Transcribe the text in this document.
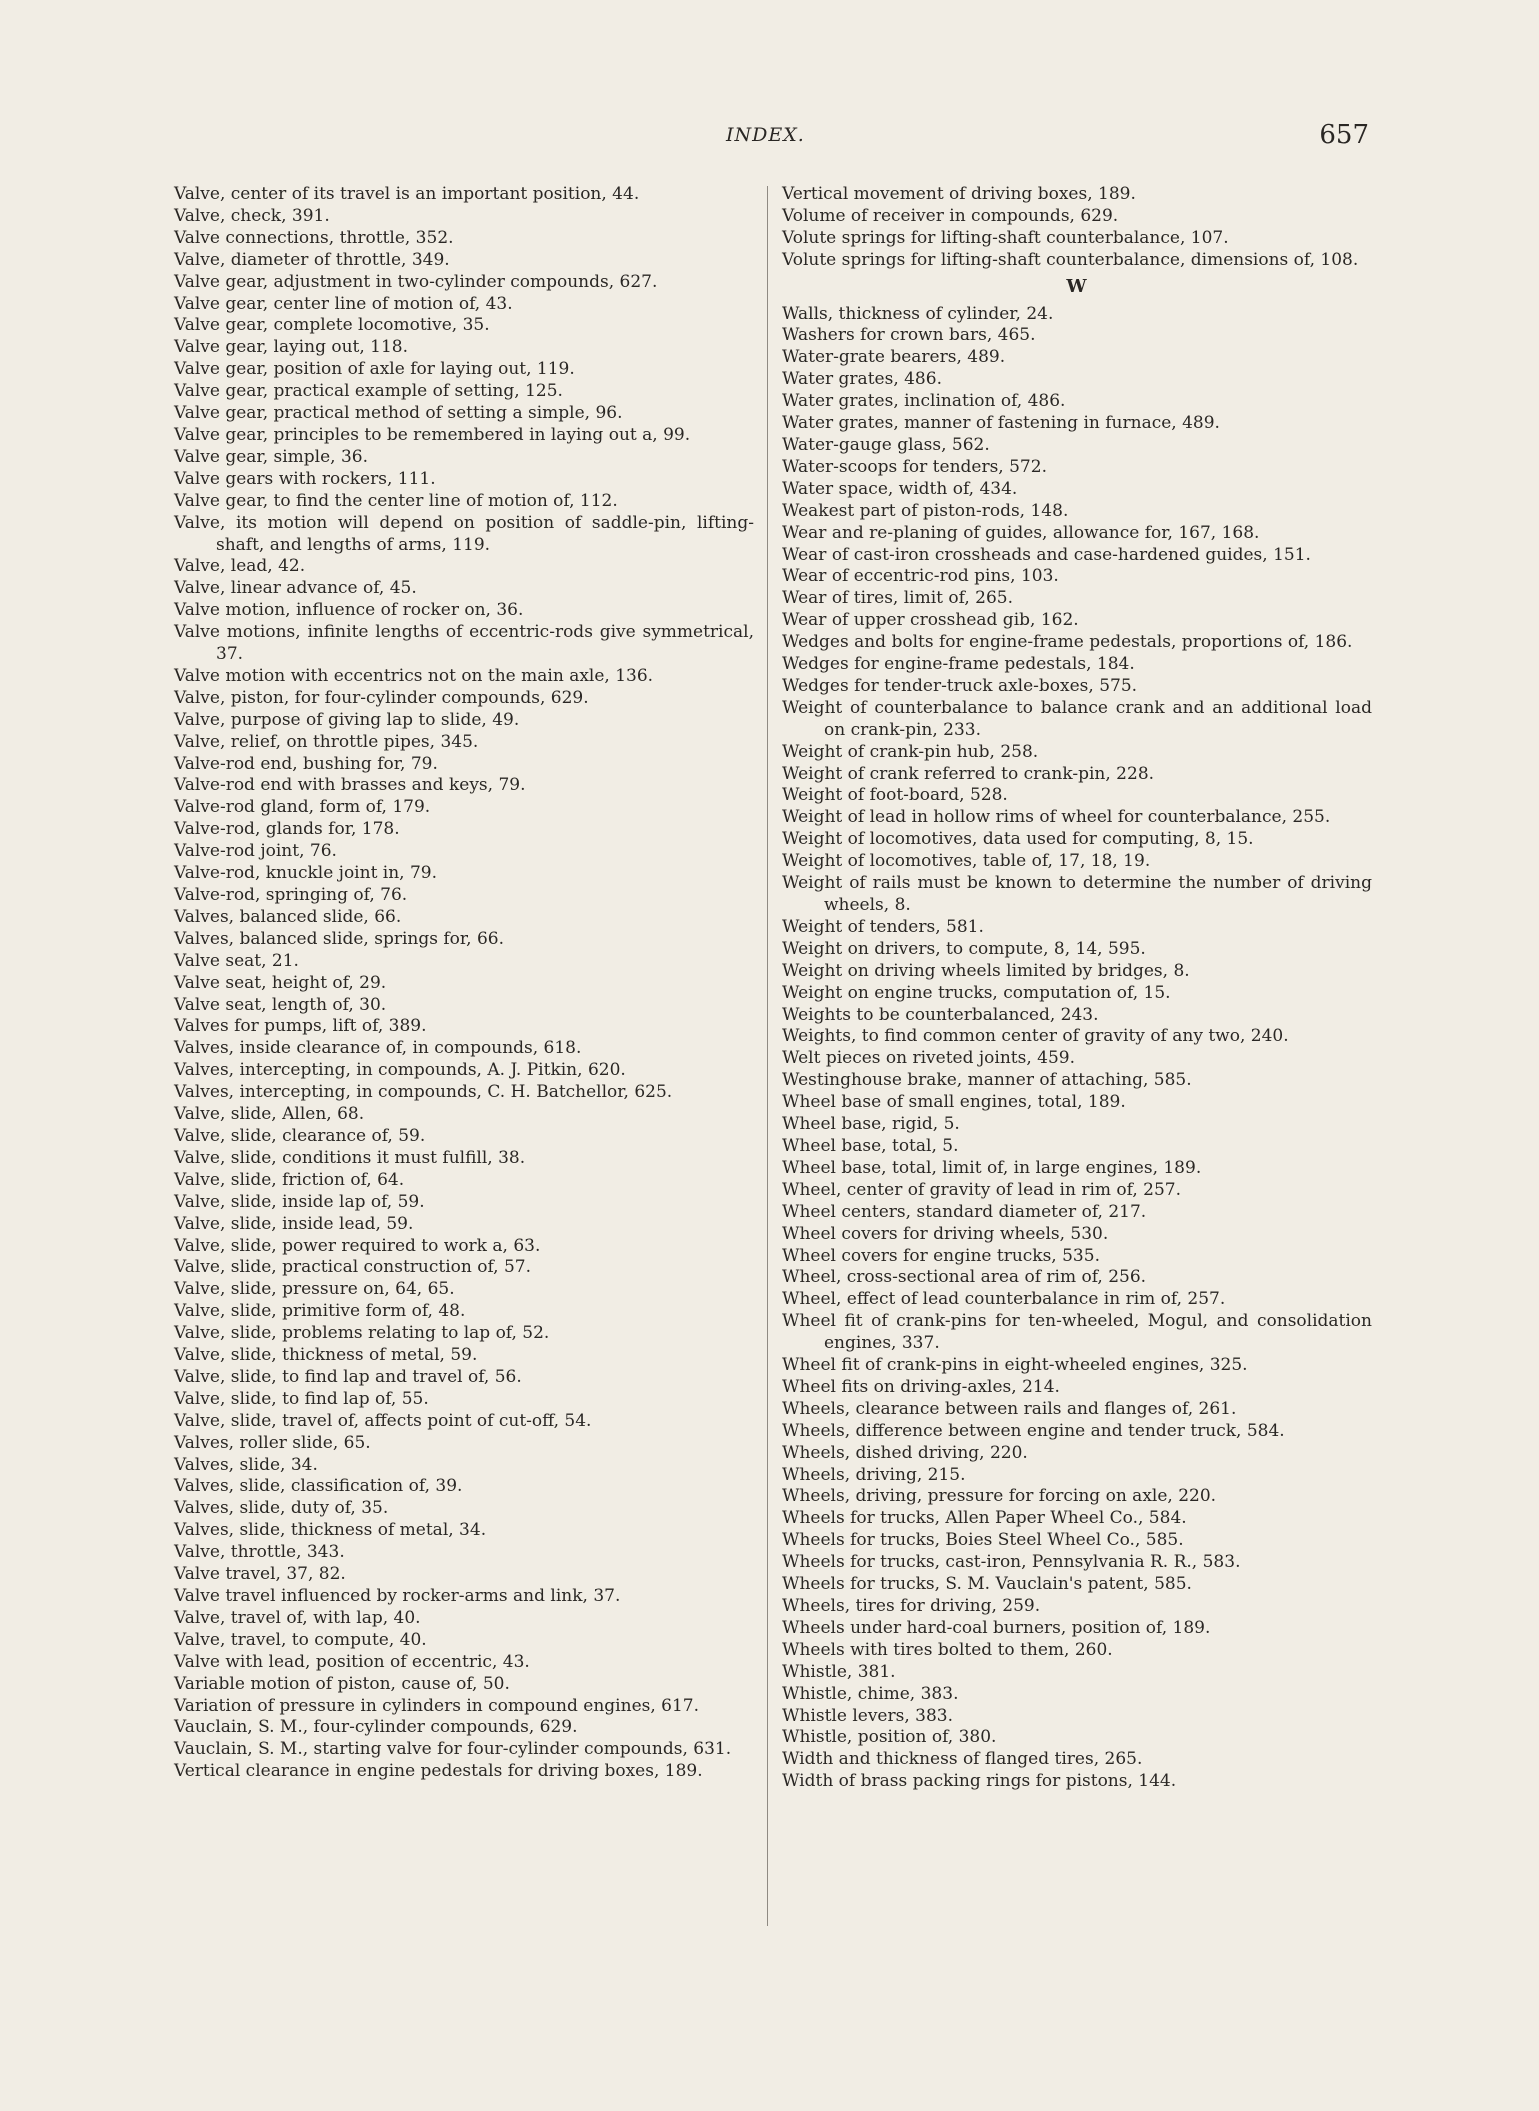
INDEX.	657

Valve, center of its travel is an important position, 44.

Valve, check, 391.

Valve connections, throttle, 352.

Valve, diameter of throttle, 349.

Valve gear, adjustment in two-cylinder compounds, 627.

Valve gear, center line of motion of, 43.

Valve gear, complete locomotive, 35.

Valve gear, laying out, 118.

Valve gear, position of axle for laying out, 119.

Valve gear, practical example of setting, 125.

Valve gear, practical method of setting a simple, 96.

Valve gear, principles to be remembered in laying out a, 99.

Valve gear, simple, 36.

Valve gears with rockers, 111.

Valve gear, to find the center line of motion of, 112.

Valve, its motion will depend on position of saddle-pin, lifting-shaft, and lengths of arms, 119.

Valve, lead, 42.

Valve, linear advance of, 45.

Valve motion, influence of rocker on, 36.

Valve motions, infinite lengths of eccentric-rods give symmetrical, 37.

Valve motion with eccentrics not on the main axle, 136.

Valve, piston, for four-cylinder compounds, 629.

Valve, purpose of giving lap to slide, 49.

Valve, relief, on throttle pipes, 345.

Valve-rod end, bushing for, 79.

Valve-rod end with brasses and keys, 79.

Valve-rod gland, form of, 179.

Valve-rod, glands for, 178.

Valve-rod joint, 76.

Valve-rod, knuckle joint in, 79.

Valve-rod, springing of, 76.

Valves, balanced slide, 66.

Valves, balanced slide, springs for, 66.

Valve seat, 21.

Valve seat, height of, 29.

Valve seat, length of, 30.

Valves for pumps, lift of, 389.

Valves, inside clearance of, in compounds, 618.

Valves, intercepting, in compounds, A. J. Pitkin, 620.

Valves, intercepting, in compounds, C. H. Batchellor, 625.

Valve, slide, Allen, 68.

Valve, slide, clearance of, 59.

Valve, slide, conditions it must fulfill, 38.

Valve, slide, friction of, 64.

Valve, slide, inside lap of, 59.

Valve, slide, inside lead, 59.

Valve, slide, power required to work a, 63.

Valve, slide, practical construction of, 57.

Valve, slide, pressure on, 64, 65.

Valve, slide, primitive form of, 48.

Valve, slide, problems relating to lap of, 52.

Valve, slide, thickness of metal, 59.

Valve, slide, to find lap and travel of, 56.

Valve, slide, to find lap of, 55.

Valve, slide, travel of, affects point of cut-off, 54.

Valves, roller slide, 65.

Valves, slide, 34.

Valves, slide, classification of, 39.

Valves, slide, duty of, 35.

Valves, slide, thickness of metal, 34.

Valve, throttle, 343.

Valve travel, 37, 82.

Valve travel influenced by rocker-arms and link, 37.

Valve, travel of, with lap, 40.

Valve, travel, to compute, 40.

Valve with lead, position of eccentric, 43.

Variable motion of piston, cause of, 50.

Variation of pressure in cylinders in compound engines, 617.

Vauclain, S. M., four-cylinder compounds, 629.

Vauclain, S. M., starting valve for four-cylinder compounds, 631.

Vertical clearance in engine pedestals for driving boxes, 189.

Vertical movement of driving boxes, 189.

Volume of receiver in compounds, 629.

Volute springs for lifting-shaft counterbalance, 107.

Volute springs for lifting-shaft counterbalance, dimensions of, 108.

W

Walls, thickness of cylinder, 24.

Washers for crown bars, 465.

Water-grate bearers, 489.

Water grates, 486.

Water grates, inclination of, 486.

Water grates, manner of fastening in furnace, 489.

Water-gauge glass, 562.

Water-scoops for tenders, 572.

Water space, width of, 434.

Weakest part of piston-rods, 148.

Wear and re-planing of guides, allowance for, 167, 168.

Wear of cast-iron crossheads and case-hardened guides, 151.

Wear of eccentric-rod pins, 103.

Wear of tires, limit of, 265.

Wear of upper crosshead gib, 162.

Wedges and bolts for engine-frame pedestals, proportions of, 186.

Wedges for engine-frame pedestals, 184.

Wedges for tender-truck axle-boxes, 575.

Weight of counterbalance to balance crank and an additional load on crank-pin, 233.

Weight of crank-pin hub, 258.

Weight of crank referred to crank-pin, 228.

Weight of foot-board, 528.

Weight of lead in hollow rims of wheel for counterbalance, 255.

Weight of locomotives, data used for computing, 8, 15.

Weight of locomotives, table of, 17, 18, 19.

Weight of rails must be known to determine the number of driving wheels, 8.

Weight of tenders, 581.

Weight on drivers, to compute, 8, 14, 595.

Weight on driving wheels limited by bridges, 8.

Weight on engine trucks, computation of, 15.

Weights to be counterbalanced, 243.

Weights, to find common center of gravity of any two, 240.

Welt pieces on riveted joints, 459.

Westinghouse brake, manner of attaching, 585.

Wheel base of small engines, total, 189.

Wheel base, rigid, 5.

Wheel base, total, 5.

Wheel base, total, limit of, in large engines, 189.

Wheel, center of gravity of lead in rim of, 257.

Wheel centers, standard diameter of, 217.

Wheel covers for driving wheels, 530.

Wheel covers for engine trucks, 535.

Wheel, cross-sectional area of rim of, 256.

Wheel, effect of lead counterbalance in rim of, 257.

Wheel fit of crank-pins for ten-wheeled, Mogul, and consolidation engines, 337.

Wheel fit of crank-pins in eight-wheeled engines, 325.

Wheel fits on driving-axles, 214.

Wheels, clearance between rails and flanges of, 261.

Wheels, difference between engine and tender truck, 584.

Wheels, dished driving, 220.

Wheels, driving, 215.

Wheels, driving, pressure for forcing on axle, 220.

Wheels for trucks, Allen Paper Wheel Co., 584.

Wheels for trucks, Boies Steel Wheel Co., 585.

Wheels for trucks, cast-iron, Pennsylvania R. R., 583.

Wheels for trucks, S. M. Vauclain's patent, 585.

Wheels, tires for driving, 259.

Wheels under hard-coal burners, position of, 189.

Wheels with tires bolted to them, 260.

Whistle, 381.

Whistle, chime, 383.

Whistle levers, 383.

Whistle, position of, 380.

Width and thickness of flanged tires, 265.

Width of brass packing rings for pistons, 144.
